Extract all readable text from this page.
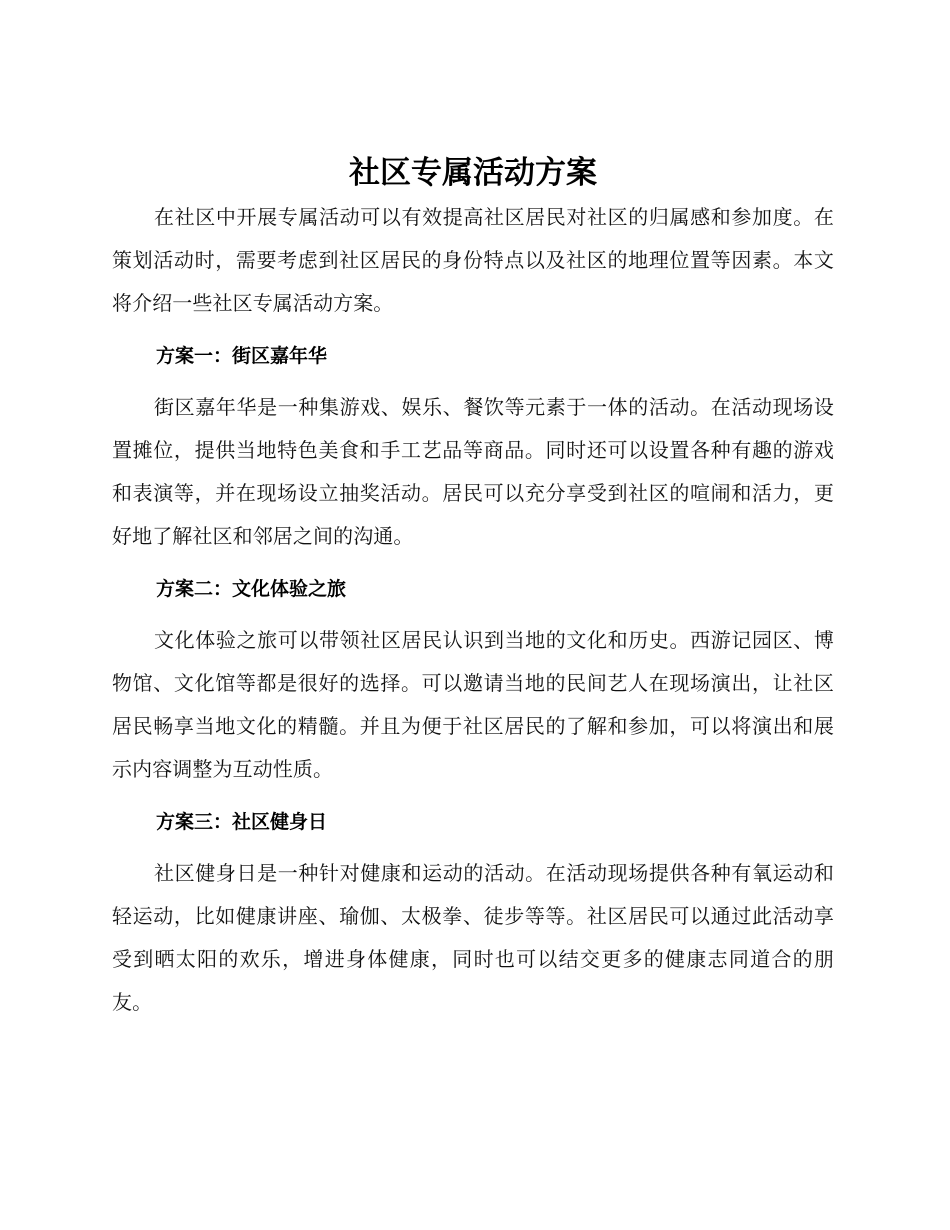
社区专属活动方案

在社区中开展专属活动可以有效提高社区居民对社区的归属感和参加度。在策划活动时，需要考虑到社区居民的身份特点以及社区的地理位置等因素。本文将介绍一些社区专属活动方案。

方案一：街区嘉年华

街区嘉年华是一种集游戏、娱乐、餐饮等元素于一体的活动。在活动现场设置摊位，提供当地特色美食和手工艺品等商品。同时还可以设置各种有趣的游戏和表演等，并在现场设立抽奖活动。居民可以充分享受到社区的喧闹和活力，更好地了解社区和邻居之间的沟通。

方案二：文化体验之旅

文化体验之旅可以带领社区居民认识到当地的文化和历史。西游记园区、博物馆、文化馆等都是很好的选择。可以邀请当地的民间艺人在现场演出，让社区居民畅享当地文化的精髓。并且为便于社区居民的了解和参加，可以将演出和展示内容调整为互动性质。

方案三：社区健身日

社区健身日是一种针对健康和运动的活动。在活动现场提供各种有氧运动和轻运动，比如健康讲座、瑜伽、太极拳、徒步等等。社区居民可以通过此活动享受到晒太阳的欢乐，增进身体健康，同时也可以结交更多的健康志同道合的朋友。
